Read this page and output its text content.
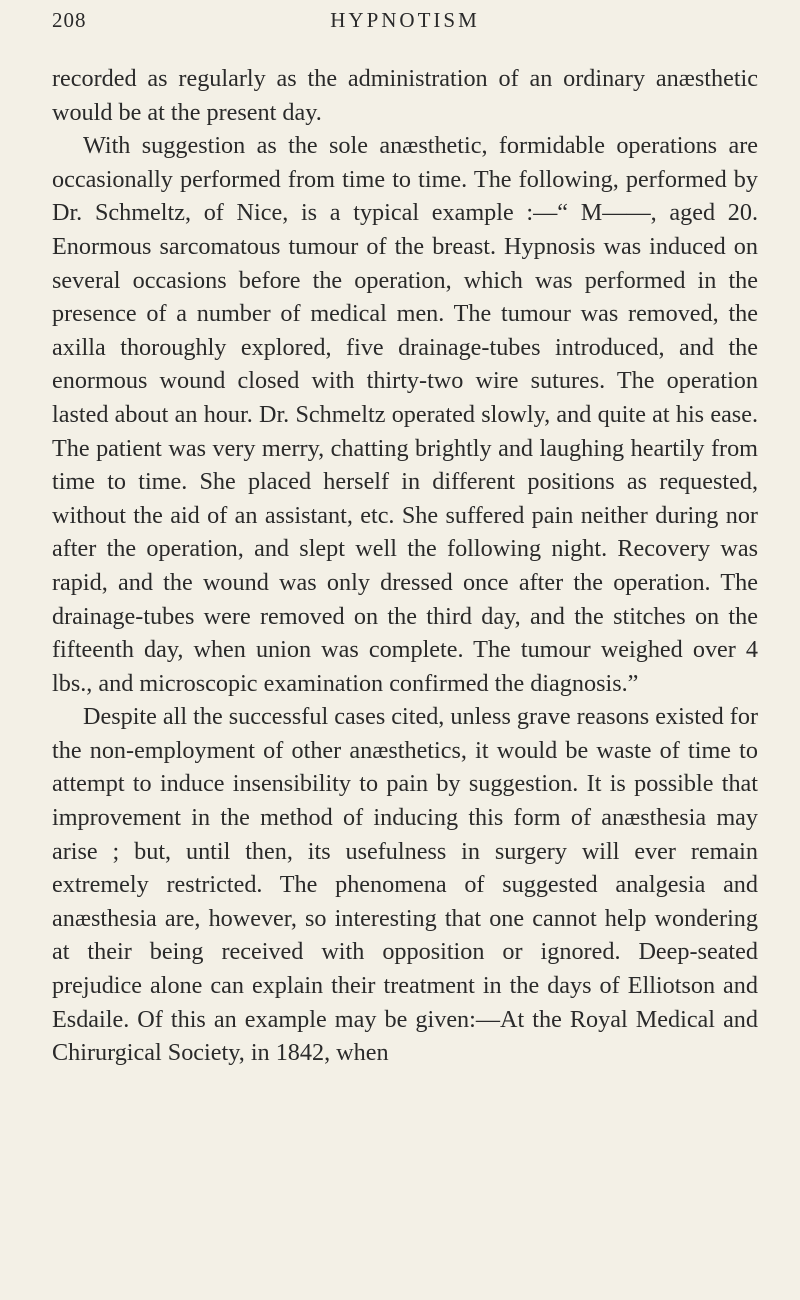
208	HYPNOTISM

recorded as regularly as the administration of an ordinary anæsthetic would be at the present day.

With suggestion as the sole anæsthetic, formidable operations are occasionally performed from time to time. The following, performed by Dr. Schmeltz, of Nice, is a typical example :—“ M——, aged 20. Enormous sarcomatous tumour of the breast. Hypnosis was induced on several occasions before the operation, which was performed in the presence of a number of medical men. The tumour was removed, the axilla thoroughly explored, five drainage-tubes introduced, and the enormous wound closed with thirty-two wire sutures. The operation lasted about an hour. Dr. Schmeltz operated slowly, and quite at his ease. The patient was very merry, chatting brightly and laughing heartily from time to time. She placed herself in different positions as requested, without the aid of an assistant, etc. She suffered pain neither during nor after the operation, and slept well the following night. Recovery was rapid, and the wound was only dressed once after the operation. The drainage-tubes were removed on the third day, and the stitches on the fifteenth day, when union was complete. The tumour weighed over 4 lbs., and microscopic examination confirmed the diagnosis.”

Despite all the successful cases cited, unless grave reasons existed for the non-employment of other anæsthetics, it would be waste of time to attempt to induce insensibility to pain by suggestion. It is possible that improvement in the method of inducing this form of anæsthesia may arise ; but, until then, its usefulness in surgery will ever remain extremely restricted. The phenomena of suggested analgesia and anæsthesia are, however, so interesting that one cannot help wondering at their being received with opposition or ignored. Deep-seated prejudice alone can explain their treatment in the days of Elliotson and Esdaile. Of this an example may be given:—At the Royal Medical and Chirurgical Society, in 1842, when
